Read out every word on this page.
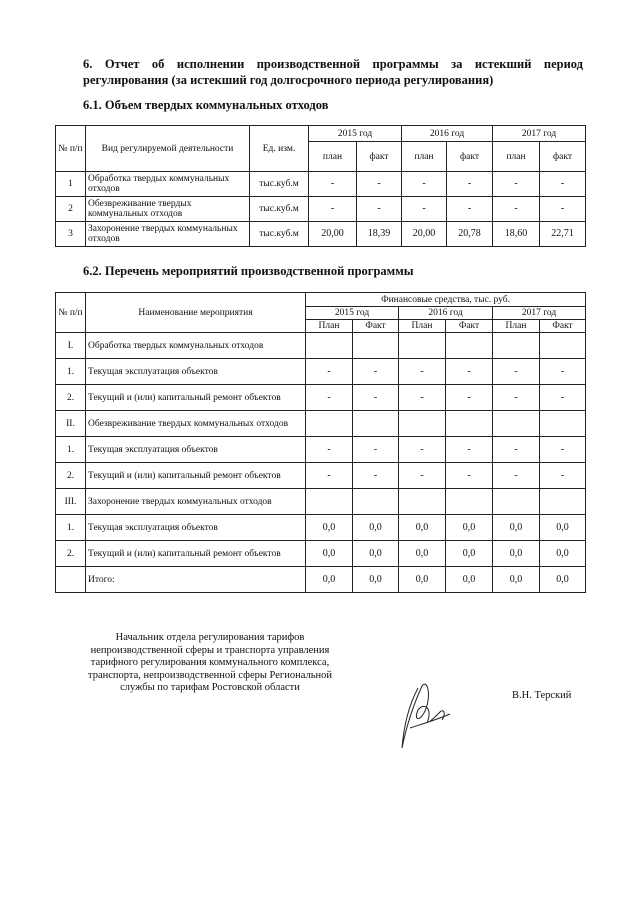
6. Отчет об исполнении производственной программы за истекший период
регулирования (за истекший год долгосрочного периода регулирования)
6.1. Объем твердых коммунальных отходов
№ п/п	Вид регулируемой деятельности	Ед. изм.	2015 год		2016 год		2017 год	
			план	факт	план	факт	план	факт
1	Обработка твердых коммунальных отходов	тыс.куб.м	-	-	-	-	-	-
2	Обезвреживание твердых коммунальных отходов	тыс.куб.м	-	-	-	-	-	-
3	Захоронение твердых коммунальных отходов	тыс.куб.м	20,00	18,39	20,00	20,78	18,60	22,71
6.2. Перечень мероприятий производственной программы
№ п/п	Наименование мероприятия	Финансовые средства, тыс. руб.					
		2015 год		2016 год		2017 год	
		План	Факт	План	Факт	План	Факт
I.	Обработка твердых коммунальных отходов						
1.	Текущая эксплуатация объектов	-	-	-	-	-	-
2.	Текущий и (или) капитальный ремонт объектов	-	-	-	-	-	-
II.	Обезвреживание твердых коммунальных отходов						
1.	Текущая эксплуатация объектов	-	-	-	-	-	-
2.	Текущий и (или) капитальный ремонт объектов	-	-	-	-	-	-
III.	Захоронение твердых коммунальных отходов						
1.	Текущая эксплуатация объектов	0,0	0,0	0,0	0,0	0,0	0,0
2.	Текущий и (или) капитальный ремонт объектов	0,0	0,0	0,0	0,0	0,0	0,0
	Итого:	0,0	0,0	0,0	0,0	0,0	0,0
Начальник отдела регулирования тарифов
непроизводственной сферы и транспорта управления
тарифного регулирования коммунального комплекса,
транспорта, непроизводственной сферы Региональной
службы по тарифам Ростовской области
В.Н. Терский
